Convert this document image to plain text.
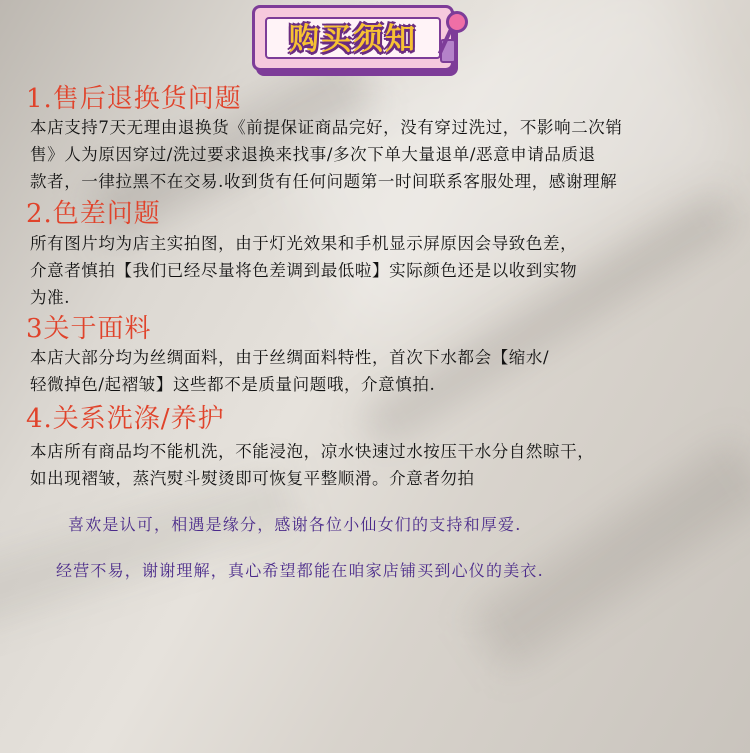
购买须知
1.售后退换货问题
本店支持7天无理由退换货《前提保证商品完好，没有穿过洗过，不影响二次销
售》人为原因穿过/洗过要求退换来找事/多次下单大量退单/恶意申请品质退
款者，一律拉黑不在交易.收到货有任何问题第一时间联系客服处理，感谢理解
2.色差问题
所有图片均为店主实拍图，由于灯光效果和手机显示屏原因会导致色差，
介意者慎拍【我们已经尽量将色差调到最低啦】实际颜色还是以收到实物
为准.
3关于面料
本店大部分均为丝绸面料，由于丝绸面料特性，首次下水都会【缩水/
轻微掉色/起褶皱】这些都不是质量问题哦，介意慎拍.
4.关系洗涤/养护
本店所有商品均不能机洗，不能浸泡，凉水快速过水按压干水分自然晾干，
如出现褶皱，蒸汽熨斗熨烫即可恢复平整顺滑。介意者勿拍
喜欢是认可，相遇是缘分，感谢各位小仙女们的支持和厚爱.
经营不易，谢谢理解，真心希望都能在咱家店铺买到心仪的美衣.
